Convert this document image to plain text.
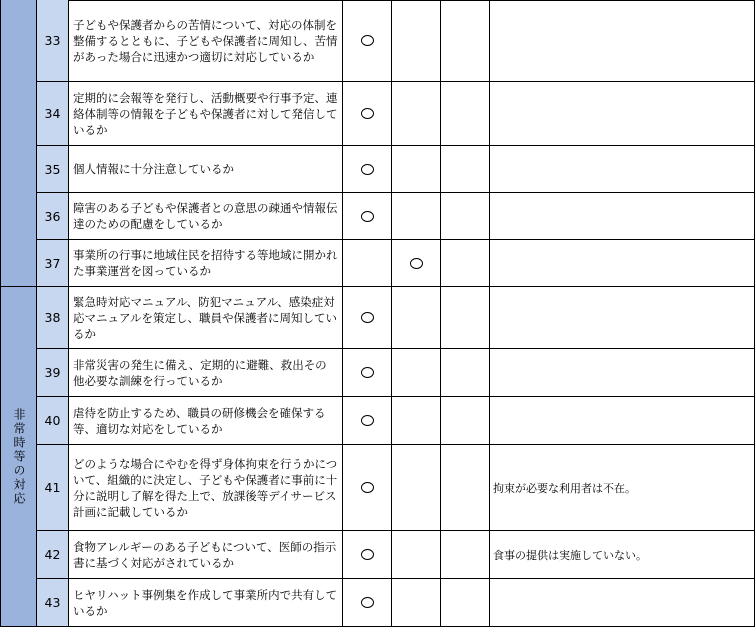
非常時等の対応
33
子どもや保護者からの苦情について、対応の体制を整備するとともに、子どもや保護者に周知し、苦情があった場合に迅速かつ適切に対応しているか
34
定期的に会報等を発行し、活動概要や行事予定、連絡体制等の情報を子どもや保護者に対して発信しているか
35 個人情報に十分注意しているか
36
障害のある子どもや保護者との意思の疎通や情報伝達のための配慮をしているか
37
事業所の行事に地域住民を招待する等地域に開かれた事業運営を図っているか
38
緊急時対応マニュアル、防犯マニュアル、感染症対応マニュアルを策定し、職員や保護者に周知しているか
39
非常災害の発生に備え、定期的に避難、救出その他必要な訓練を行っているか
40
虐待を防止するため、職員の研修機会を確保する等、適切な対応をしているか
41
どのような場合にやむを得ず身体拘束を行うかについて、組織的に決定し、子どもや保護者に事前に十分に説明し了解を得た上で、放課後等デイサービス計画に記載しているか
拘束が必要な利用者は不在。
42
食物アレルギーのある子どもについて、医師の指示書に基づく対応がされているか
食事の提供は実施していない。
43
ヒヤリハット事例集を作成して事業所内で共有しているか
